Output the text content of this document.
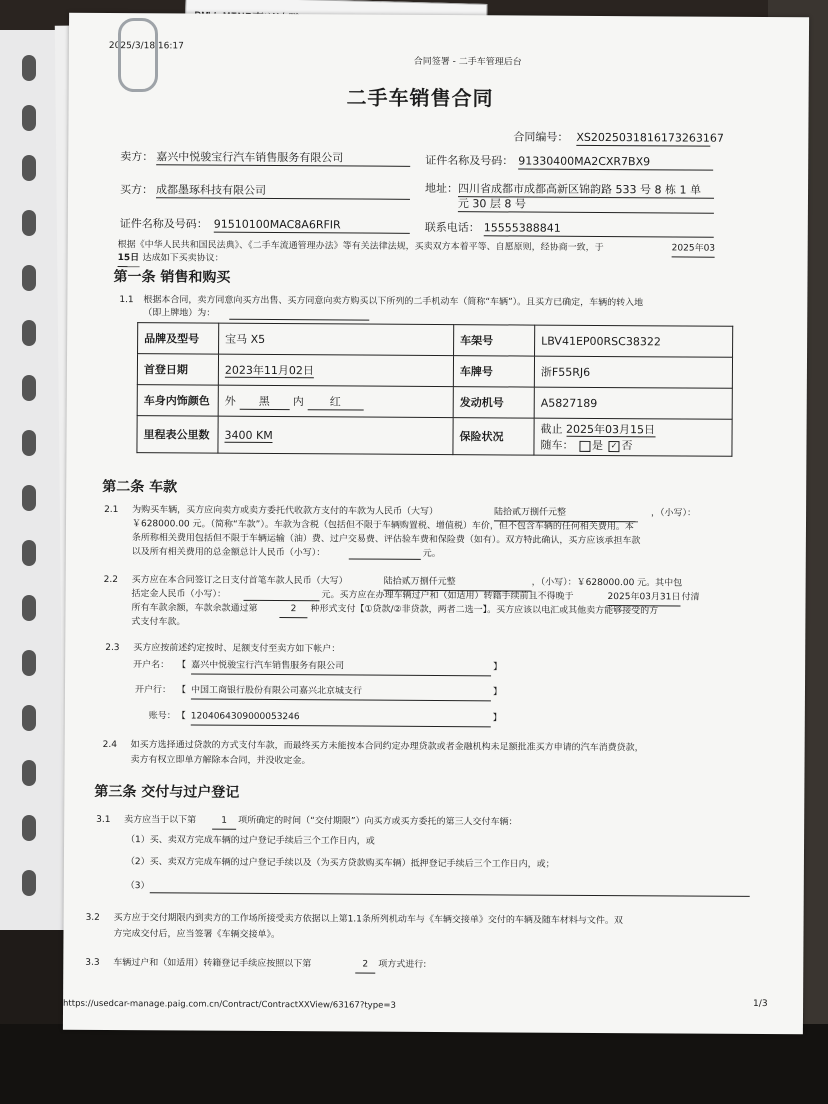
2025/3/18 16:17
合同签署 - 二手车管理后台
二手车销售合同
合同编号： XS2025031816173263167
卖方： 嘉兴中悦骏宝行汽车销售服务有限公司	证件名称及号码： 91330400MA2CXR7BX9
买方： 成都墨琢科技有限公司	地址： 四川省成都市成都高新区锦韵路 533 号 8 栋 1 单
元 30 层 8 号
证件名称及号码： 91510100MAC8A6RFIR	联系电话： 15555388841
根据《中华人民共和国民法典》、《二手车流通管理办法》等有关法律法规，买卖双方本着平等、自愿原则，经协商一致，于	2025年03
15日 达成如下买卖协议：
第一条 销售和购买
1.1 根据本合同，卖方同意向买方出售、买方同意向卖方购买以下所列的二手机动车（简称“车辆”）。且买方已确定，车辆的转入地
（即上牌地）为：
品牌及型号	宝马 X5	车架号	LBV41EP00RSC38322
首登日期	2023年11月02日	车牌号	浙F55RJ6
车身内饰颜色	外 黑 内 红	发动机号	A5827189
里程表公里数	3400 KM	保险状况	截止 2025年03月15日
随车： 是 ✓ 否
第二条 车款
2.1 为购买车辆，买方应向卖方或卖方委托代收款方支付的车款为人民币（大写）	陆拾贰万捌仟元整	，（小写）：
￥628000.00 元。（简称“车款”）。车款为含税（包括但不限于车辆购置税、增值税）车价，但不包含车辆的任何相关费用。本
条所称相关费用包括但不限于车辆运输（油）费、过户交易费、评估验车费和保险费（如有）。双方特此确认，买方应该承担车款
以及所有相关费用的总金额总计人民币（小写）：	元。
2.2 买方应在本合同签订之日支付首笔车款人民币（大写）	陆拾贰万捌仟元整	，（小写）：￥628000.00 元。其中包
括定金人民币（小写）：	元。买方应在办理车辆过户和（如适用）转籍手续前且不得晚于	2025年03月31日 付清
所有车款余额，车款余款通过第	2	种形式支付【①贷款/②非贷款，两者二选一】。买方应该以电汇或其他卖方能够接受的方
式支付车款。
2.3 买方应按前述约定按时、足额支付至卖方如下帐户：
开户名： 【 嘉兴中悦骏宝行汽车销售服务有限公司	】
开户行： 【 中国工商银行股份有限公司嘉兴北京城支行	】
账号： 【 1204064309000053246	】
2.4 如买方选择通过贷款的方式支付车款，而最终买方未能按本合同约定办理贷款或者金融机构未足额批准买方申请的汽车消费贷款，
卖方有权立即单方解除本合同，并没收定金。
第三条 交付与过户登记
3.1 卖方应当于以下第	1	项所确定的时间（“交付期限”）向买方或买方委托的第三人交付车辆：
（1）买、卖双方完成车辆的过户登记手续后三个工作日内，或
（2）买、卖双方完成车辆的过户登记手续以及（为买方贷款购买车辆）抵押登记手续后三个工作日内，或；
（3）
3.2 买方应于交付期限内到卖方的工作场所接受卖方依据以上第1.1条所列机动车与《车辆交接单》交付的车辆及随车材料与文件。双
方完成交付后，应当签署《车辆交接单》。
3.3 车辆过户和（如适用）转籍登记手续应按照以下第	2	项方式进行:
https://usedcar-manage.paig.com.cn/Contract/ContractXXView/63167?type=3	1/3
